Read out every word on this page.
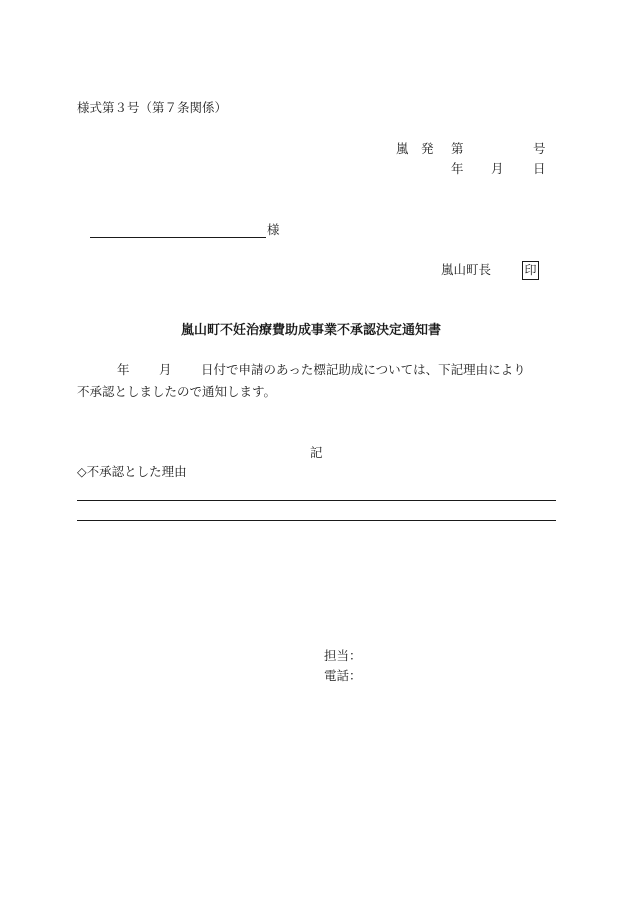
様式第３号（第７条関係）
嵐　発 第	号
年 月 日
様
嵐山町長	印
嵐山町不妊治療費助成事業不承認決定通知書
年 月 日付で申請のあった標記助成については、下記理由により
不承認としましたので通知します。
記
◇不承認とした理由
担当：
電話：
